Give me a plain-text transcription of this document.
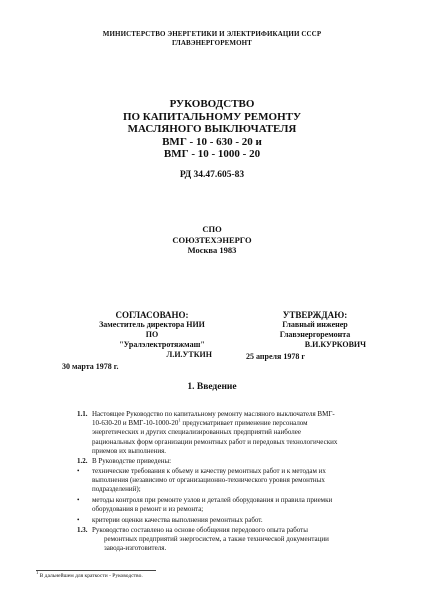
МИНИСТЕРСТВО ЭНЕРГЕТИКИ И ЭЛЕКТРИФИКАЦИИ СССР
ГЛАВЭНЕРГОРЕМОНТ
РУКОВОДСТВО
ПО КАПИТАЛЬНОМУ РЕМОНТУ
МАСЛЯНОГО ВЫКЛЮЧАТЕЛЯ
ВМГ - 10 - 630 - 20 и
ВМГ - 10 - 1000 - 20
РД 34.47.605-83
СПО
СОЮЗТЕХЭНЕРГО
Москва 1983
СОГЛАСОВАНО:
Заместитель директора НИИ ПО
"Уралэлектротяжмаш"
Л.И.УТКИН
30 марта 1978 г.
УТВЕРЖДАЮ:
Главный инженер
Главэнергоремонта
В.И.КУРКОВИЧ
25 апреля 1978 г
1. Введение
1.1. Настоящее Руководство по капитальному ремонту масляного выключателя ВМГ-
10-630-20 и ВМГ-$10-1000-20^1$ предусматривает применение персоналом
энергетических и других специализированных предприятий наиболее
рациональных форм организации ремонтных работ и передовых технологических
приемов их выполнения.
1.2. В Руководстве приведены:
• технические требования к объему и качеству ремонтных работ и к методам их
выполнения (независимо от организационно-технического уровня ремонтных
подразделений);
• методы контроля при ремонте узлов и деталей оборудования и правила приемки
оборудования в ремонт и из ремонта;
• критерии оценки качества выполнения ремонтных работ.
1.3. Руководство составлено на основе обобщения передового опыта работы
ремонтных предприятий энергосистем, а также технической документации
завода-изготовителя.
$^1$ В дальнейшем для краткости - Руководство.
